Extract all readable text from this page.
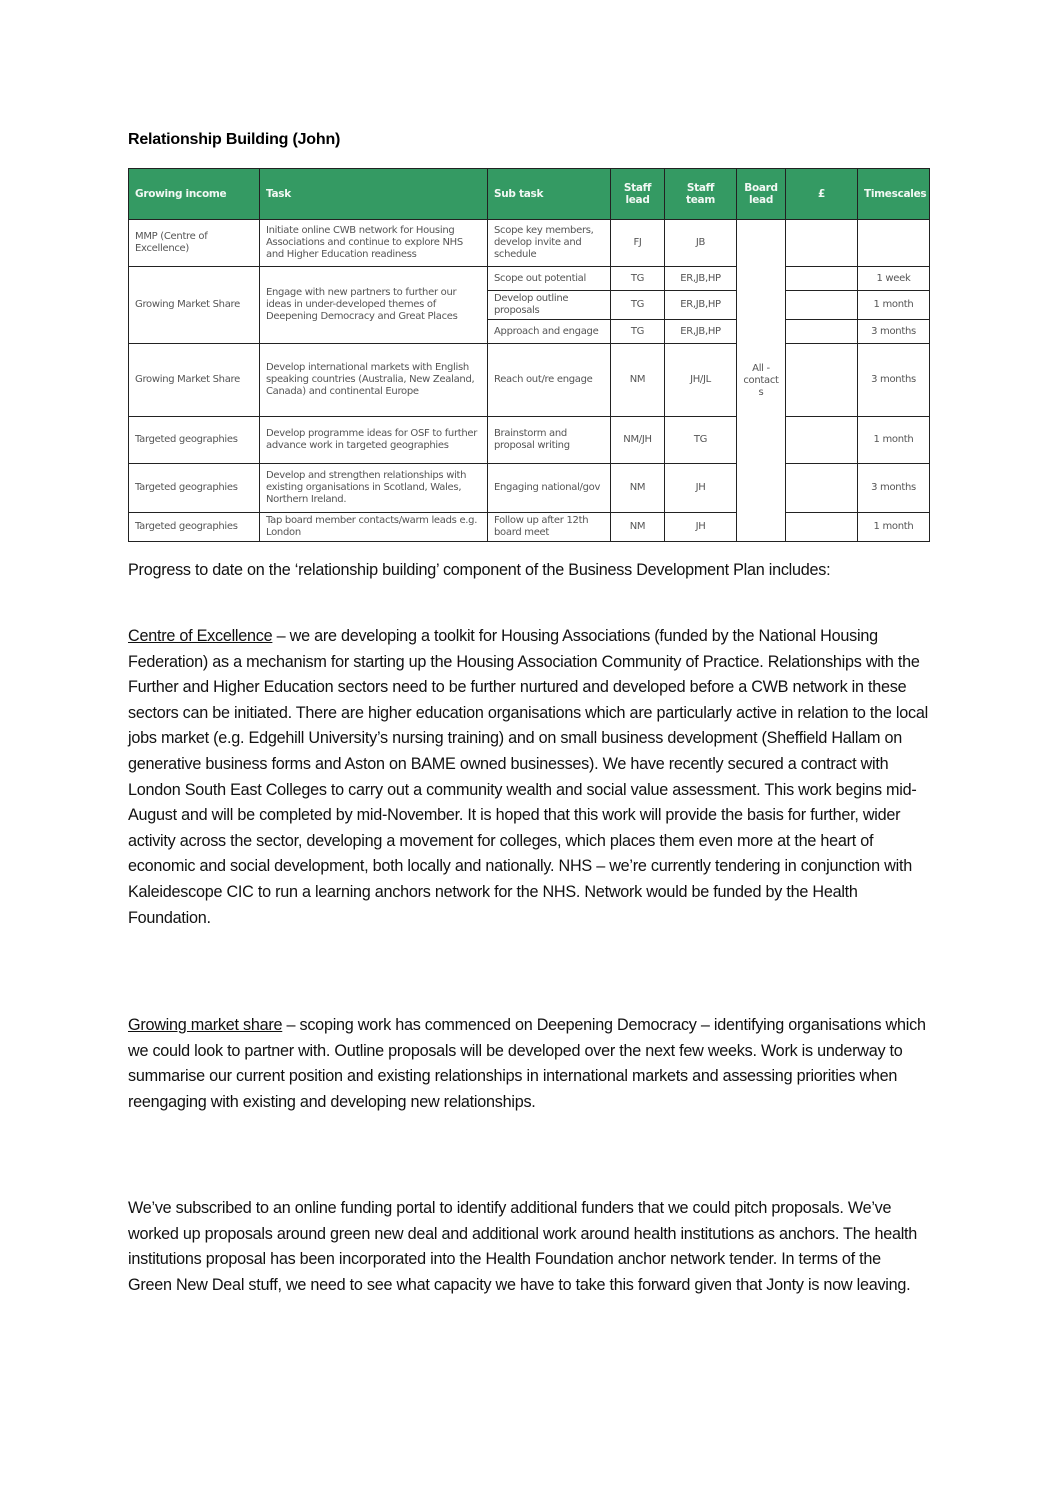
Relationship Building (John)
Growing income	Task	Sub task	Staff lead	Staff team	Board lead	£	Timescales
MMP (Centre of Excellence)	Initiate online CWB network for Housing Associations and continue to explore NHS and Higher Education readiness	Scope key members, develop invite and schedule	FJ	JB	All - contact s		
Growing Market Share	Engage with new partners to further our ideas in under-developed themes of Deepening Democracy and Great Places	Scope out potential	TG	ER,JB,HP			1 week
		Develop outline proposals	TG	ER,JB,HP			1 month
		Approach and engage	TG	ER,JB,HP			3 months
Growing Market Share	Develop international markets with English speaking countries (Australia, New Zealand, Canada) and continental Europe	Reach out/re engage	NM	JH/JL			3 months
Targeted geographies	Develop programme ideas for OSF to further advance work in targeted geographies	Brainstorm and proposal writing	NM/JH	TG			1 month
Targeted geographies	Develop and strengthen relationships with existing organisations in Scotland, Wales, Northern Ireland.	Engaging national/gov	NM	JH			3 months
Targeted geographies	Tap board member contacts/warm leads e.g. London	Follow up after 12th board meet	NM	JH			1 month

Progress to date on the ‘relationship building’ component of the Business Development Plan includes:

Centre of Excellence – we are developing a toolkit for Housing Associations (funded by the National Housing Federation) as a mechanism for starting up the Housing Association Community of Practice. Relationships with the Further and Higher Education sectors need to be further nurtured and developed before a CWB network in these sectors can be initiated. There are higher education organisations which are particularly active in relation to the local jobs market (e.g. Edgehill University’s nursing training) and on small business development (Sheffield Hallam on generative business forms and Aston on BAME owned businesses). We have recently secured a contract with London South East Colleges to carry out a community wealth and social value assessment. This work begins mid-August and will be completed by mid-November. It is hoped that this work will provide the basis for further, wider activity across the sector, developing a movement for colleges, which places them even more at the heart of economic and social development, both locally and nationally. NHS – we’re currently tendering in conjunction with Kaleidescope CIC to run a learning anchors network for the NHS. Network would be funded by the Health Foundation.

Growing market share – scoping work has commenced on Deepening Democracy – identifying organisations which we could look to partner with. Outline proposals will be developed over the next few weeks. Work is underway to summarise our current position and existing relationships in international markets and assessing priorities when reengaging with existing and developing new relationships.

We’ve subscribed to an online funding portal to identify additional funders that we could pitch proposals. We’ve worked up proposals around green new deal and additional work around health institutions as anchors. The health institutions proposal has been incorporated into the Health Foundation anchor network tender. In terms of the Green New Deal stuff, we need to see what capacity we have to take this forward given that Jonty is now leaving.
